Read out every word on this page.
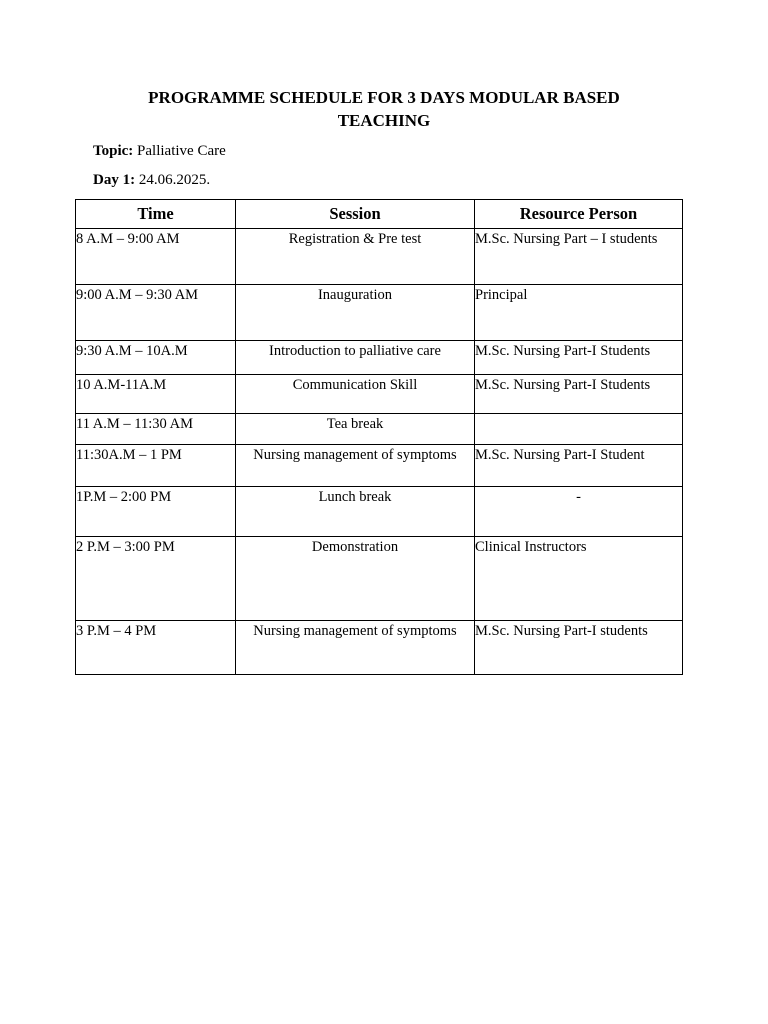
PROGRAMME SCHEDULE FOR 3 DAYS MODULAR BASED TEACHING
Topic: Palliative Care
Day 1: 24.06.2025.
Time	Session	Resource Person
8 A.M – 9:00 AM	Registration & Pre test	M.Sc. Nursing Part – I students
9:00 A.M – 9:30 AM	Inauguration	Principal
9:30 A.M – 10A.M	Introduction to palliative care	M.Sc. Nursing Part-I Students
10 A.M-11A.M	Communication Skill	M.Sc. Nursing Part-I Students
11 A.M – 11:30 AM	Tea break	
11:30A.M – 1 PM	Nursing management of symptoms	M.Sc. Nursing Part-I Student
1P.M – 2:00 PM	Lunch break	-
2 P.M – 3:00 PM	Demonstration	Clinical Instructors
3 P.M – 4 PM	Nursing management of symptoms	M.Sc. Nursing Part-I students
